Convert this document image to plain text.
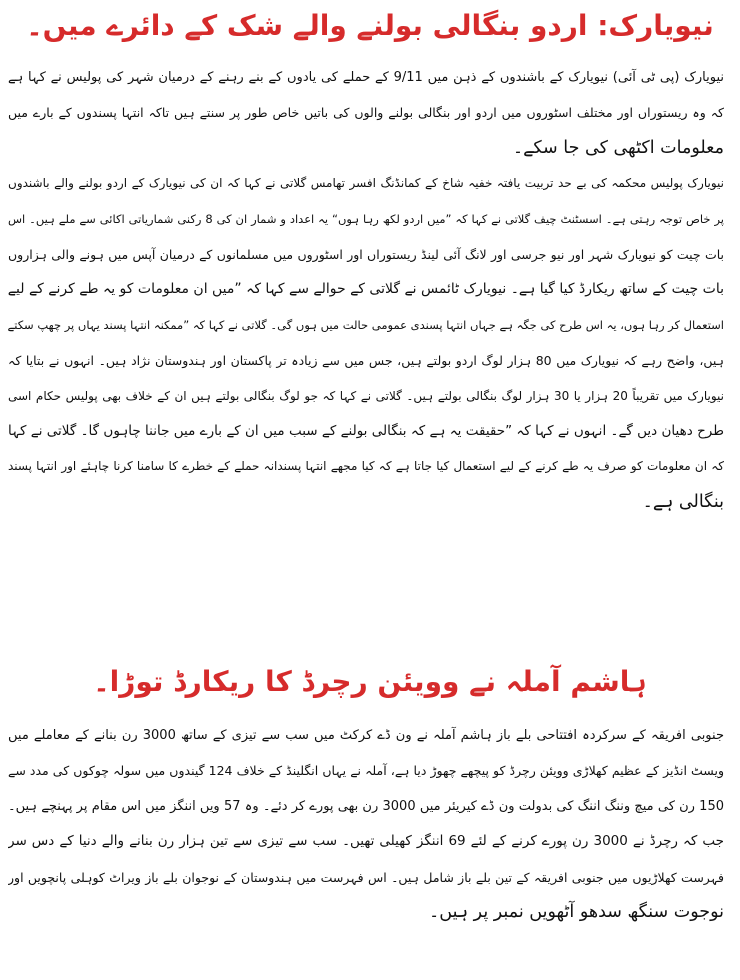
نیویارک: اردو بنگالی بولنے والے شک کے دائرے میں۔
نیویارک (پی ٹی آئی) نیویارک کے باشندوں کے ذہن میں 9/11 کے حملے کی یادوں کے بنے رہنے کے درمیان شہر کی پولیس نے کہا ہے
کہ وہ ریستوراں اور مختلف اسٹوروں میں اردو اور بنگالی بولنے والوں کی باتیں خاص طور پر سنتے ہیں تاکہ انتہا پسندوں کے بارے میں
معلومات اکٹھی کی جا سکے۔
نیویارک پولیس محکمہ کی بے حد تربیت یافتہ خفیہ شاخ کے کمانڈنگ افسر تھامس گلاتی نے کہا کہ ان کی نیویارک کے اردو بولنے والے باشندوں
پر خاص توجہ رہتی ہے۔ اسسٹنٹ چیف گلاتی نے کہا کہ ”میں اردو لکھ رہا ہوں“ یہ اعداد و شمار ان کی 8 رکنی شماریاتی اکائی سے ملے ہیں۔ اس
بات چیت کو نیویارک شہر اور نیو جرسی اور لانگ آئی لینڈ ریستوراں اور اسٹوروں میں مسلمانوں کے درمیان آپس میں ہونے والی ہزاروں
بات چیت کے ساتھ ریکارڈ کیا گیا ہے۔ نیویارک ٹائمس نے گلاتی کے حوالے سے کہا کہ ”میں ان معلومات کو یہ طے کرنے کے لیے
استعمال کر رہا ہوں، یہ اس طرح کی جگہ ہے جہاں انتہا پسندی عمومی حالت میں ہوں گی۔ گلاتی نے کہا کہ ”ممکنہ انتہا پسند یہاں پر چھپ سکتے
ہیں، واضح رہے کہ نیویارک میں 80 ہزار لوگ اردو بولتے ہیں، جس میں سے زیادہ تر پاکستان اور ہندوستان نژاد ہیں۔ انہوں نے بتایا کہ
نیویارک میں تقریباً 20 ہزار یا 30 ہزار لوگ بنگالی بولتے ہیں۔ گلاتی نے کہا کہ جو لوگ بنگالی بولتے ہیں ان کے خلاف بھی پولیس حکام اسی
طرح دھیان دیں گے۔ انہوں نے کہا کہ ”حقیقت یہ ہے کہ بنگالی بولنے کے سبب میں ان کے بارے میں جاننا چاہوں گا۔ گلاتی نے کہا
کہ ان معلومات کو صرف یہ طے کرنے کے لیے استعمال کیا جاتا ہے کہ کیا مجھے انتہا پسندانہ حملے کے خطرے کا سامنا کرنا چاہئے اور انتہا پسند
بنگالی ہے۔
ہاشم آملہ نے وویئن رچرڈ کا ریکارڈ توڑا۔
جنوبی افریقہ کے سرکردہ افتتاحی بلے باز ہاشم آملہ نے ون ڈے کرکٹ میں سب سے تیزی کے ساتھ 3000 رن بنانے کے معاملے میں
ویسٹ انڈیز کے عظیم کھلاڑی وویئن رچرڈ کو پیچھے چھوڑ دیا ہے، آملہ نے یہاں انگلینڈ کے خلاف 124 گیندوں میں سولہ چوکوں کی مدد سے
150 رن کی میچ وننگ اننگ کی بدولت ون ڈے کیریئر میں 3000 رن بھی پورے کر دئے۔ وہ 57 ویں اننگز میں اس مقام پر پہنچے ہیں۔
جب کہ رچرڈ نے 3000 رن پورے کرنے کے لئے 69 اننگز کھیلی تھیں۔ سب سے تیزی سے تین ہزار رن بنانے والے دنیا کے دس سر
فہرست کھلاڑیوں میں جنوبی افریقہ کے تین بلے باز شامل ہیں۔ اس فہرست میں ہندوستان کے نوجوان بلے باز ویراٹ کوہلی پانچویں اور
نوجوت سنگھ سدھو آٹھویں نمبر پر ہیں۔
